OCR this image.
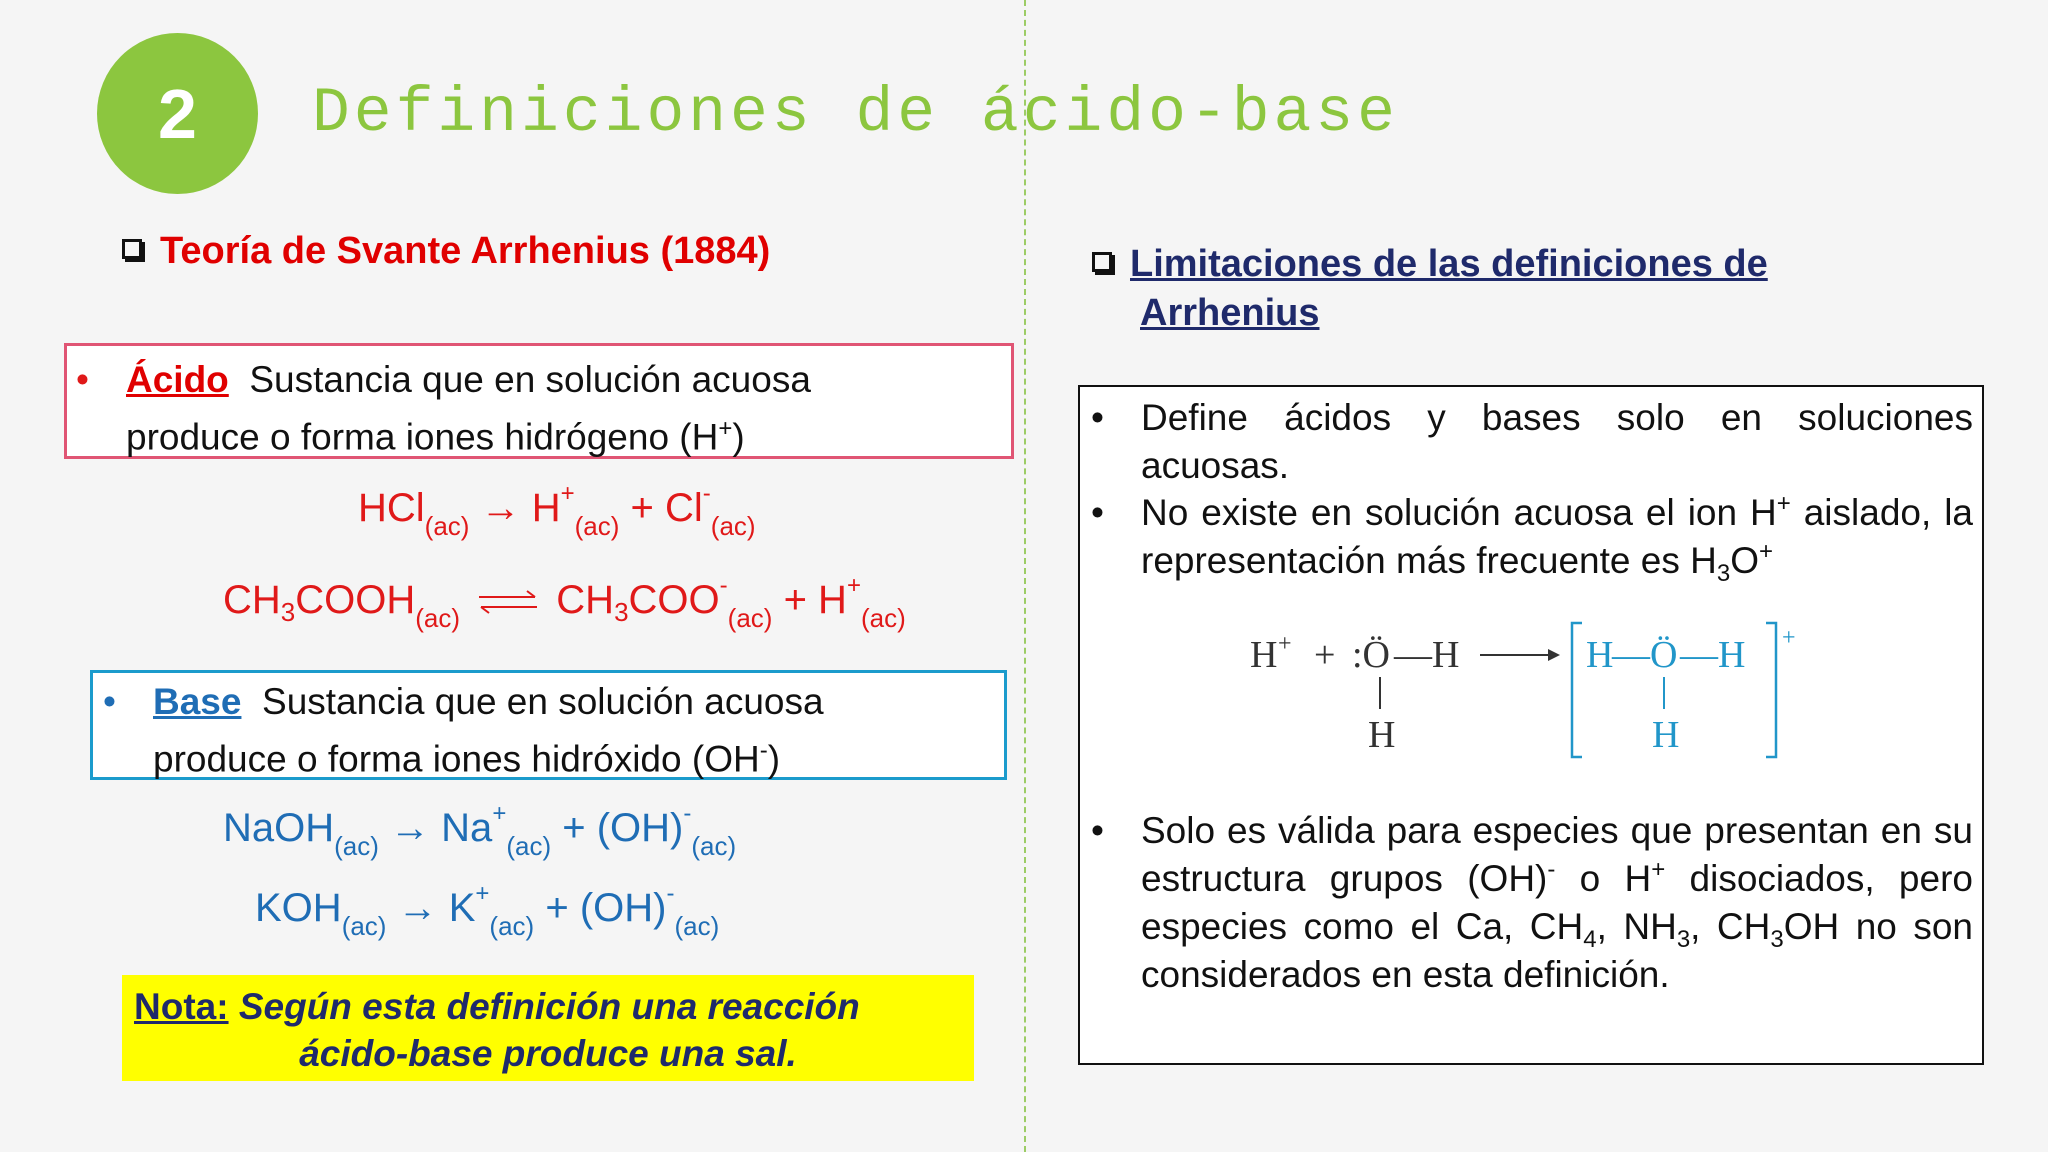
2 Definiciones de ácido-base
Teoría de Svante Arrhenius (1884)
• Ácido Sustancia que en solución acuosa
produce o forma iones hidrógeno (H+)
$HCl_{(ac)} \to H^+_{(ac)} + Cl^-_{(ac)}$
$CH_3COOH_{(ac)}$ ⇌ $CH_3COO^-_{(ac)} + H^+_{(ac)}$
• Base Sustancia que en solución acuosa
produce o forma iones hidróxido (OH-)
NaOH$_{(ac)}$ → $Na^+_{(ac)} + (OH)^-_{(ac)}$
$KOH_{(ac)} \to K^+_{(ac)} + (OH)^-_{(ac)}$
Nota: Según esta definición una reacción
ácido-base produce una sal.
Limitaciones de las definiciones de
Arrhenius
• Define ácidos y bases solo en soluciones acuosas.
• No existe en solución acuosa el ion H+ aislado, la representación más frecuente es $H_3O^+$
H + + :Ö — H
H
H
— Ö — H
H
+
• Solo es válida para especies que presentan en su estructura grupos (OH)- o H+ disociados, pero especies como el Ca, $CH_4$, $NH_3$, $CH_3OH$ no son considerados en esta definición.
